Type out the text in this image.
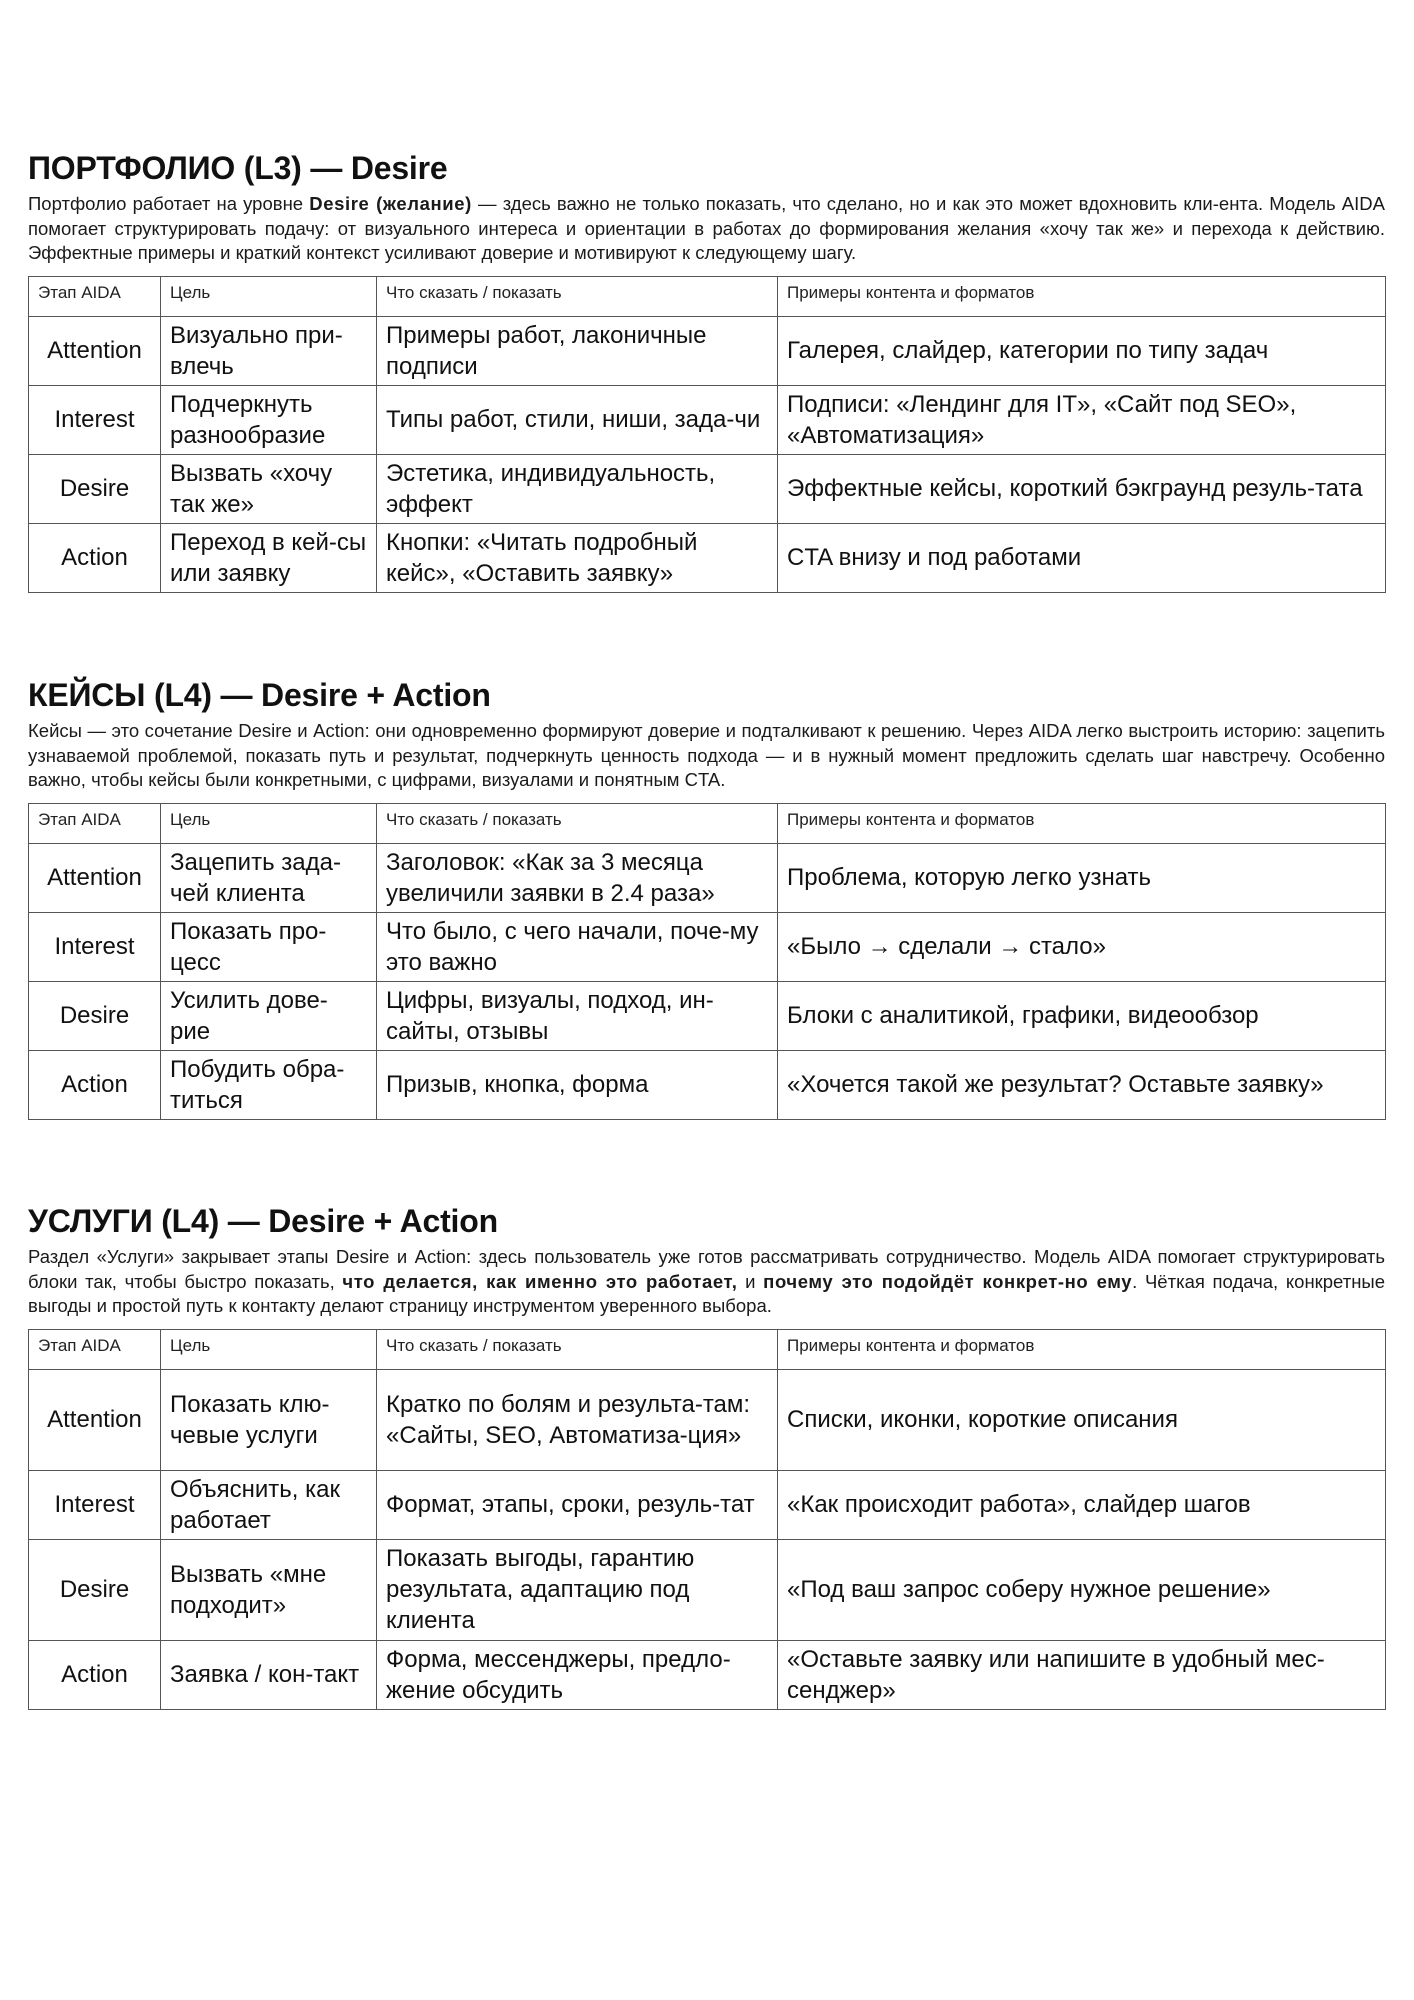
ПОРТФОЛИО (L3) — Desire

Портфолио работает на уровне Desire (желание) — здесь важно не только показать, что сделано, но и как это может вдохновить кли-ента. Модель AIDA помогает структурировать подачу: от визуального интереса и ориентации в работах до формирования желания «хочу так же» и перехода к действию. Эффектные примеры и краткий контекст усиливают доверие и мотивируют к следующему шагу.

Этап AIDA	Цель	Что сказать / показать	Примеры контента и форматов
Attention	Визуально при-влечь	Примеры работ, лаконичные подписи	Галерея, слайдер, категории по типу задач
Interest	Подчеркнуть разнообразие	Типы работ, стили, ниши, зада-чи	Подписи: «Лендинг для IT», «Сайт под SEO», «Автоматизация»
Desire	Вызвать «хочу так же»	Эстетика, индивидуальность, эффект	Эффектные кейсы, короткий бэкграунд резуль-тата
Action	Переход в кей-сы или заявку	Кнопки: «Читать подробный кейс», «Оставить заявку»	CTA внизу и под работами
КЕЙСЫ (L4) — Desire + Action

Кейсы — это сочетание Desire и Action: они одновременно формируют доверие и подталкивают к решению. Через AIDA легко выстроить историю: зацепить узнаваемой проблемой, показать путь и результат, подчеркнуть ценность подхода — и в нужный момент предложить сделать шаг навстречу. Особенно важно, чтобы кейсы были конкретными, с цифрами, визуалами и понятным CTA.

Этап AIDA	Цель	Что сказать / показать	Примеры контента и форматов
Attention	Зацепить зада-чей клиента	Заголовок: «Как за 3 месяца увеличили заявки в 2.4 раза»	Проблема, которую легко узнать
Interest	Показать про-цесс	Что было, с чего начали, поче-му это важно	«Было → сделали → стало»
Desire	Усилить дове-рие	Цифры, визуалы, подход, ин-сайты, отзывы	Блоки с аналитикой, графики, видеообзор
Action	Побудить обра-титься	Призыв, кнопка, форма	«Хочется такой же результат? Оставьте заявку»
УСЛУГИ (L4) — Desire + Action

Раздел «Услуги» закрывает этапы Desire и Action: здесь пользователь уже готов рассматривать сотрудничество. Модель AIDA помогает структурировать блоки так, чтобы быстро показать, что делается, как именно это работает, и почему это подойдёт конкрет-но ему. Чёткая подача, конкретные выгоды и простой путь к контакту делают страницу инструментом уверенного выбора.

Этап AIDA	Цель	Что сказать / показать	Примеры контента и форматов
Attention	Показать клю-чевые услуги	Кратко по болям и результа-там: «Сайты, SEO, Автоматиза-ция»	Списки, иконки, короткие описания
Interest	Объяснить, как работает	Формат, этапы, сроки, резуль-тат	«Как происходит работа», слайдер шагов
Desire	Вызвать «мне подходит»	Показать выгоды, гарантию результата, адаптацию под клиента	«Под ваш запрос соберу нужное решение»
Action	Заявка / кон-такт	Форма, мессенджеры, предло-жение обсудить	«Оставьте заявку или напишите в удобный мес-сенджер»
